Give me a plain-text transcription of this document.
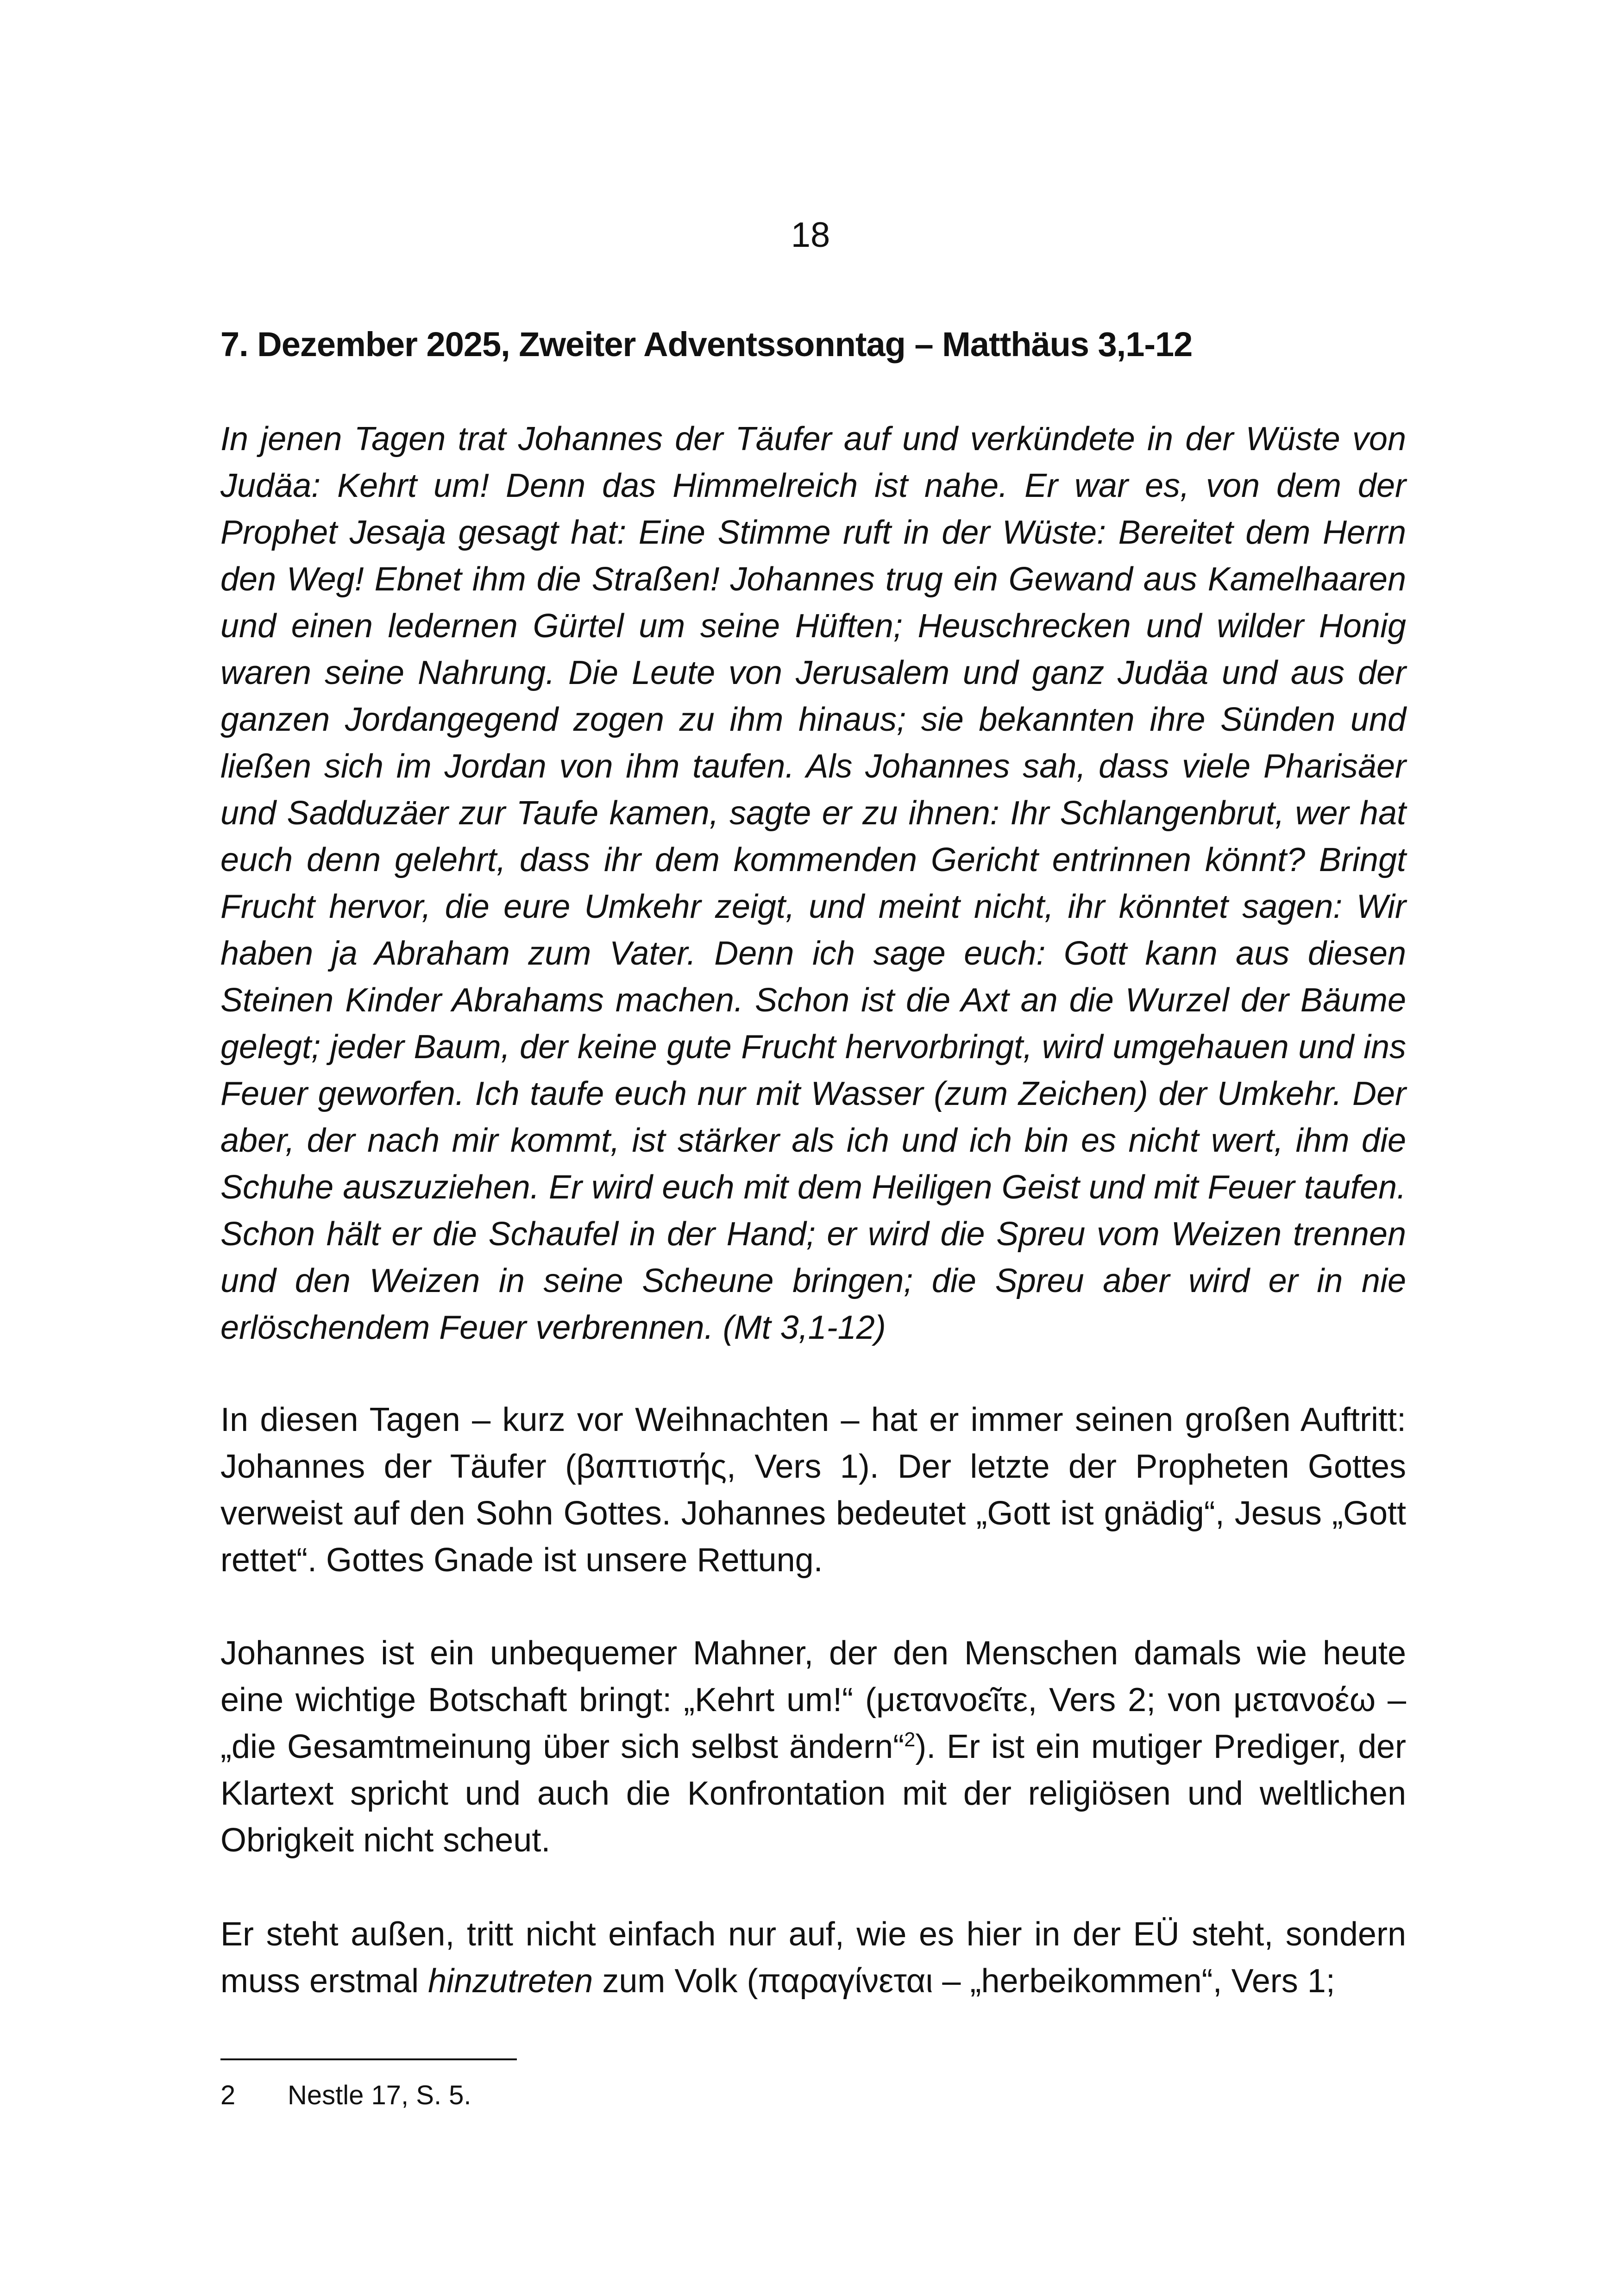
18
7. Dezember 2025, Zweiter Adventssonntag – Matthäus 3,1-12

In jenen Tagen trat Johannes der Täufer auf und verkündete in der Wüste von Judäa: Kehrt um! Denn das Himmelreich ist nahe. Er war es, von dem der Prophet Jesaja gesagt hat: Eine Stimme ruft in der Wüste: Bereitet dem Herrn den Weg! Ebnet ihm die Straßen! Johannes trug ein Gewand aus Kamelhaaren und einen ledernen Gürtel um seine Hüften; Heuschrecken und wilder Honig waren seine Nahrung. Die Leute von Jerusalem und ganz Judäa und aus der ganzen Jordangegend zogen zu ihm hinaus; sie bekannten ihre Sünden und ließen sich im Jordan von ihm taufen. Als Johannes sah, dass viele Pharisäer und Sadduzäer zur Taufe kamen, sagte er zu ihnen: Ihr Schlangenbrut, wer hat euch denn gelehrt, dass ihr dem kommenden Gericht entrinnen könnt? Bringt Frucht hervor, die eure Umkehr zeigt, und meint nicht, ihr könntet sagen: Wir haben ja Abraham zum Vater. Denn ich sage euch: Gott kann aus diesen Steinen Kinder Abrahams machen. Schon ist die Axt an die Wurzel der Bäume gelegt; jeder Baum, der keine gute Frucht hervorbringt, wird umgehauen und ins Feuer geworfen. Ich taufe euch nur mit Wasser (zum Zeichen) der Umkehr. Der aber, der nach mir kommt, ist stärker als ich und ich bin es nicht wert, ihm die Schuhe auszuziehen. Er wird euch mit dem Heiligen Geist und mit Feuer taufen. Schon hält er die Schaufel in der Hand; er wird die Spreu vom Weizen trennen und den Weizen in seine Scheune bringen; die Spreu aber wird er in nie erlöschendem Feuer verbrennen. (Mt 3,1-12)

In diesen Tagen – kurz vor Weihnachten – hat er immer seinen großen Auftritt: Johannes der Täufer (βαπτιστής, Vers 1). Der letzte der Propheten Gottes verweist auf den Sohn Gottes. Johannes bedeutet „Gott ist gnädig“, Jesus „Gott rettet“. Gottes Gnade ist unsere Rettung.

Johannes ist ein unbequemer Mahner, der den Menschen damals wie heute eine wichtige Botschaft bringt: „Kehrt um!“ (μετανοεῖτε, Vers 2; von μετανοέω – „die Gesamtmeinung über sich selbst ändern“$^2$). Er ist ein mutiger Prediger, der Klartext spricht und auch die Konfrontation mit der religiösen und weltlichen Obrigkeit nicht scheut.

Er steht außen, tritt nicht einfach nur auf, wie es hier in der EÜ steht, sondern muss erstmal hinzutreten zum Volk (παραγίνεται – „herbeikommen“, Vers 1;

2 Nestle 17, S. 5.
